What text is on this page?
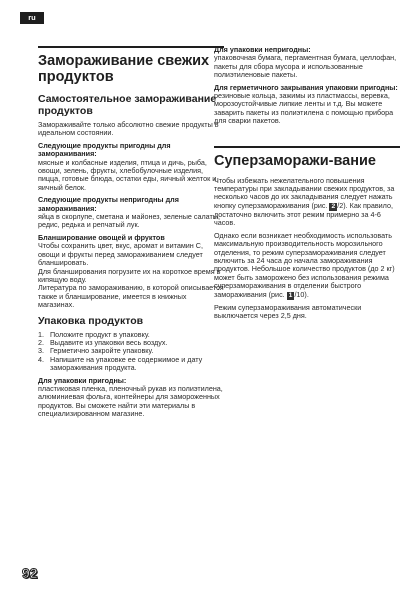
ru
Замораживание свежих продуктов
Самостоятельное замораживание продуктов
Замораживайте только абсолютно свежие продукты в идеальном состоянии.
Следующие продукты пригодны для замораживания:
мясные и колбасные изделия, птица и дичь, рыба, овощи, зелень, фрукты, хлебобулочные изделия, пицца, готовые блюда, остатки еды, яичный желток и яичный белок.
Следующие продукты непригодны для замораживания:
яйца в скорлупе, сметана и майонез, зеленые салаты, редис, редька и репчатый лук.
Бланширование овощей и фруктов
Чтобы сохранить цвет, вкус, аромат и витамин С, овощи и фрукты перед замораживанием следует бланшировать.
Для бланширования погрузите их на короткое время в кипящую воду.
Литература по замораживанию, в которой описывается также и бланширование, имеется в книжных магазинах.
Упаковка продуктов
1. Положите продукт в упаковку.
2. Выдавите из упаковки весь воздух.
3. Герметично закройте упаковку.
4. Напишите на упаковке ее содержимое и дату замораживания продукта.
Для упаковки пригодны:
пластиковая пленка, пленочный рукав из полиэтилена, алюминиевая фольга, контейнеры для замороженных продуктов. Вы сможете найти эти материалы в специализированном магазине.
Для упаковки непригодны:
упаковочная бумага, пергаментная бумага, целлофан, пакеты для сбора мусора и использованные полиэтиленовые пакеты.
Для герметичного закрывания упаковки пригодны:
резиновые кольца, зажимы из пластмассы, веревка, морозоустойчивые липкие ленты и т.д. Вы можете заварить пакеты из полиэтилена с помощью прибора для сварки пакетов.
Суперзаморажи-вание
Чтобы избежать нежелательного повышения температуры при закладывании свежих продуктов, за несколько часов до их закладывания следует нажать кнопку суперзамораживания (рис. 2 /2). Как правило, достаточно включить этот режим примерно за 4-6 часов.
Однако если возникает необходимость использовать максимальную производительность морозильного отделения, то режим суперзамораживания следует включить за 24 часа до начала замораживания продуктов. Небольшое количество продуктов (до 2 кг) может быть заморожено без использования режима суперзамораживания в отделении быстрого замораживания (рис. 1 /10).
Режим суперзамораживания автоматически выключается через 2,5 дня.
92
